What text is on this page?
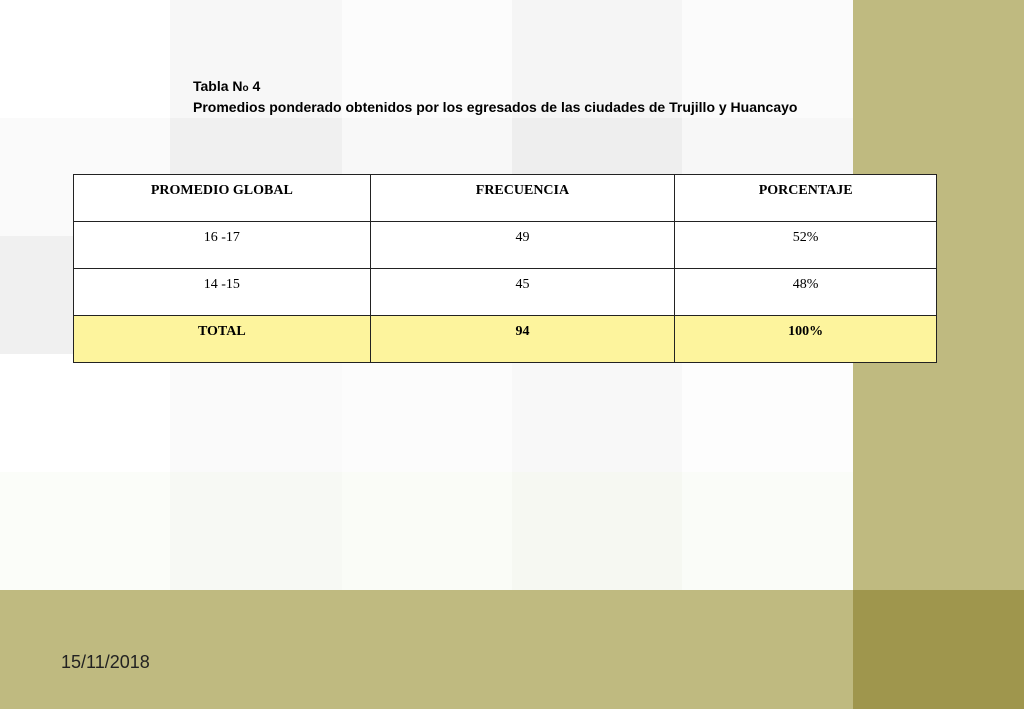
Tabla No 4
Promedios ponderado obtenidos por los egresados de las ciudades de Trujillo y Huancayo
PROMEDIO GLOBAL	FRECUENCIA	PORCENTAJE
16 -17	49	52%
14 -15	45	48%
TOTAL	94	100%
15/11/2018
